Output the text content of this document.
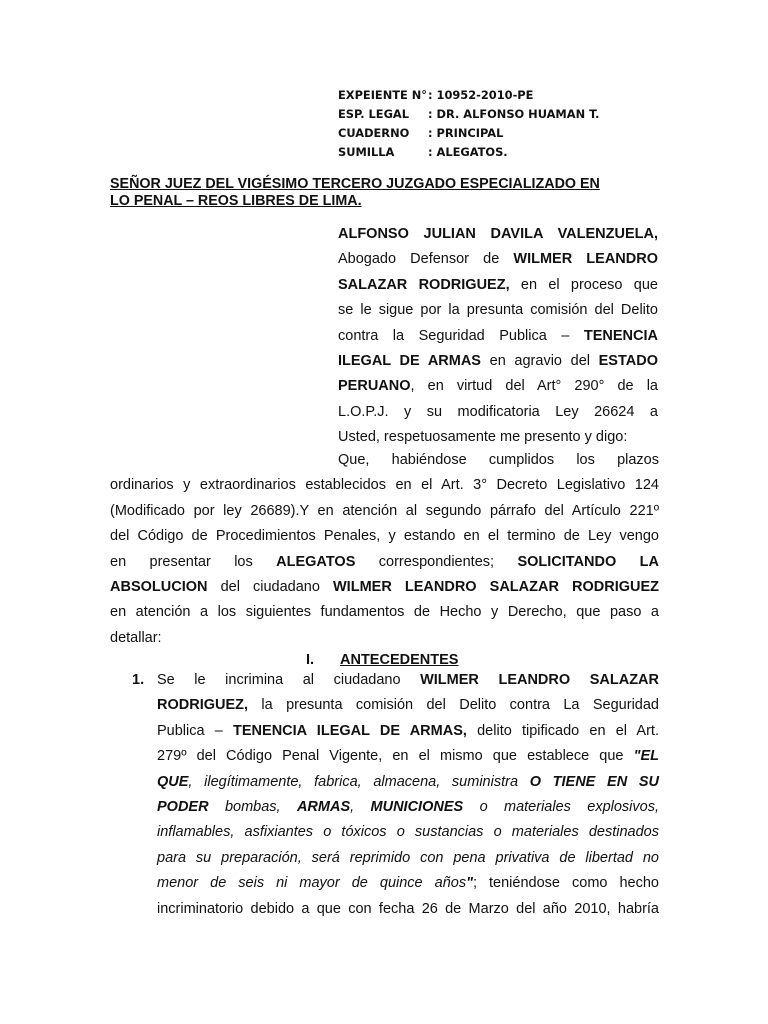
EXPEIENTE N° : 10952-2010-PE
ESP. LEGAL	: DR. ALFONSO HUAMAN T.
CUADERNO	: PRINCIPAL
SUMILLA	: ALEGATOS.
SEÑOR JUEZ DEL VIGÉSIMO TERCERO JUZGADO ESPECIALIZADO EN
LO PENAL – REOS LIBRES DE LIMA.
ALFONSO JULIAN DAVILA VALENZUELA,
Abogado Defensor de WILMER LEANDRO
SALAZAR RODRIGUEZ, en el proceso que
se le sigue por la presunta comisión del Delito
contra la Seguridad Publica – TENENCIA
ILEGAL DE ARMAS en agravio del ESTADO
PERUANO, en virtud del Art° 290° de la
L.O.P.J. y su modificatoria Ley 26624 a
Usted, respetuosamente me presento y digo:
Que, habiéndose cumplidos los plazos
ordinarios y extraordinarios establecidos en el Art. 3° Decreto Legislativo 124
(Modificado por ley 26689).Y en atención al segundo párrafo del Artículo 221º
del Código de Procedimientos Penales, y estando en el termino de Ley vengo
en presentar los ALEGATOS correspondientes; SOLICITANDO LA
ABSOLUCION del ciudadano WILMER LEANDRO SALAZAR RODRIGUEZ
en atención a los siguientes fundamentos de Hecho y Derecho, que paso a
detallar:
I. ANTECEDENTES
1. Se le incrimina al ciudadano WILMER LEANDRO SALAZAR
RODRIGUEZ, la presunta comisión del Delito contra La Seguridad
Publica – TENENCIA ILEGAL DE ARMAS, delito tipificado en el Art.
279º del Código Penal Vigente, en el mismo que establece que "EL
QUE, ilegítimamente, fabrica, almacena, suministra O TIENE EN SU
PODER bombas, ARMAS, MUNICIONES o materiales explosivos,
inflamables, asfixiantes o tóxicos o sustancias o materiales destinados
para su preparación, será reprimido con pena privativa de libertad no
menor de seis ni mayor de quince años"; teniéndose como hecho
incriminatorio debido a que con fecha 26 de Marzo del año 2010, habría
